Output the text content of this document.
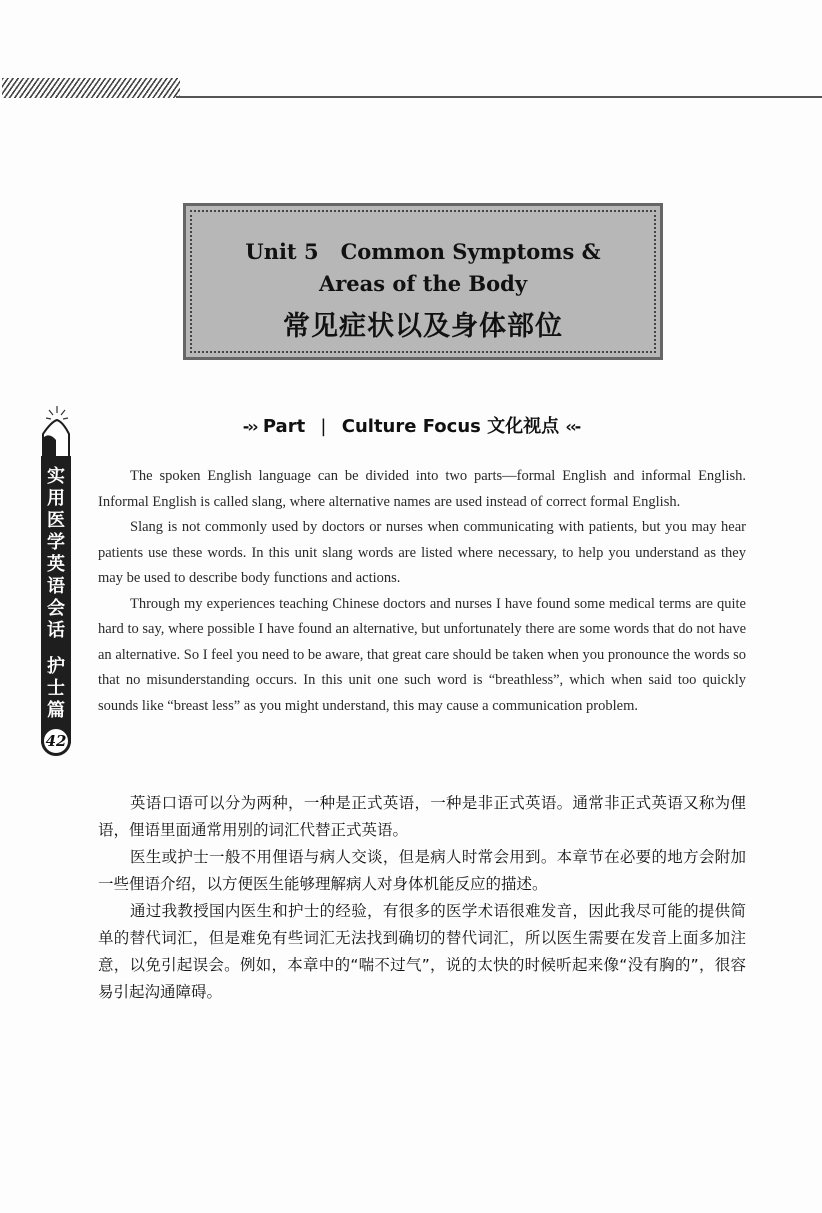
Unit 5 Common Symptoms &
Areas of the Body
常见症状以及身体部位
实用医学英语会话
护士篇
42
-›› Part | Culture Focus 文化视点 ‹‹-

The spoken English language can be divided into two parts—formal English and informal English. Informal English is called slang, where alternative names are used instead of correct formal English.

Slang is not commonly used by doctors or nurses when communicating with patients, but you may hear patients use these words. In this unit slang words are listed where necessary, to help you understand as they may be used to describe body functions and actions.

Through my experiences teaching Chinese doctors and nurses I have found some medical terms are quite hard to say, where possible I have found an alternative, but unfortunately there are some words that do not have an alternative. So I feel you need to be aware, that great care should be taken when you pronounce the words so that no misunderstanding occurs. In this unit one such word is “breathless”, which when said too quickly sounds like “breast less” as you might understand, this may cause a communication problem.

英语口语可以分为两种，一种是正式英语，一种是非正式英语。通常非正式英语又称为俚语，俚语里面通常用别的词汇代替正式英语。

医生或护士一般不用俚语与病人交谈，但是病人时常会用到。本章节在必要的地方会附加一些俚语介绍，以方便医生能够理解病人对身体机能反应的描述。

通过我教授国内医生和护士的经验，有很多的医学术语很难发音，因此我尽可能的提供简单的替代词汇，但是难免有些词汇无法找到确切的替代词汇，所以医生需要在发音上面多加注意，以免引起误会。例如，本章中的“喘不过气”，说的太快的时候听起来像“没有胸的”，很容易引起沟通障碍。
